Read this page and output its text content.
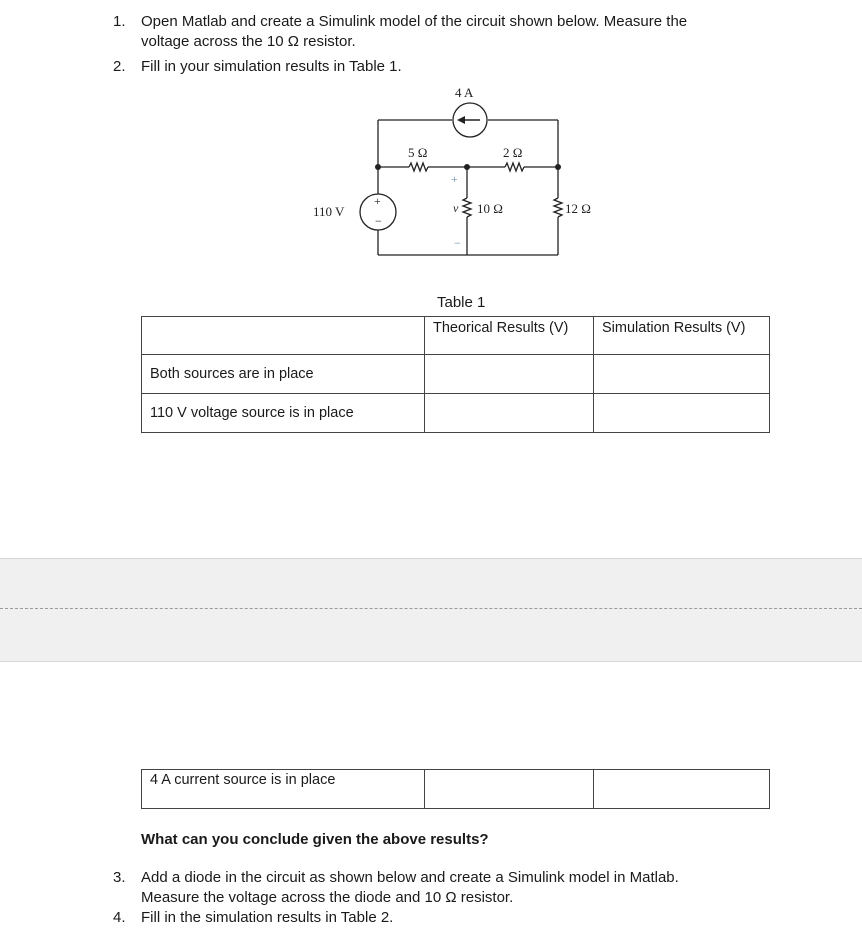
1. Open Matlab and create a Simulink model of the circuit shown below. Measure the
voltage across the 10 Ω resistor.
2. Fill in your simulation results in Table 1.
4 A
5 Ω	2 Ω
110 V	10 Ω	12 Ω
v
+
−
+
−
Table 1
	Theorical Results (V)	Simulation Results (V)
Both sources are in place		
110 V voltage source is in place		
4 A current source is in place		
What can you conclude given the above results?
3. Add a diode in the circuit as shown below and create a Simulink model in Matlab.
Measure the voltage across the diode and 10 Ω resistor.
4. Fill in the simulation results in Table 2.
